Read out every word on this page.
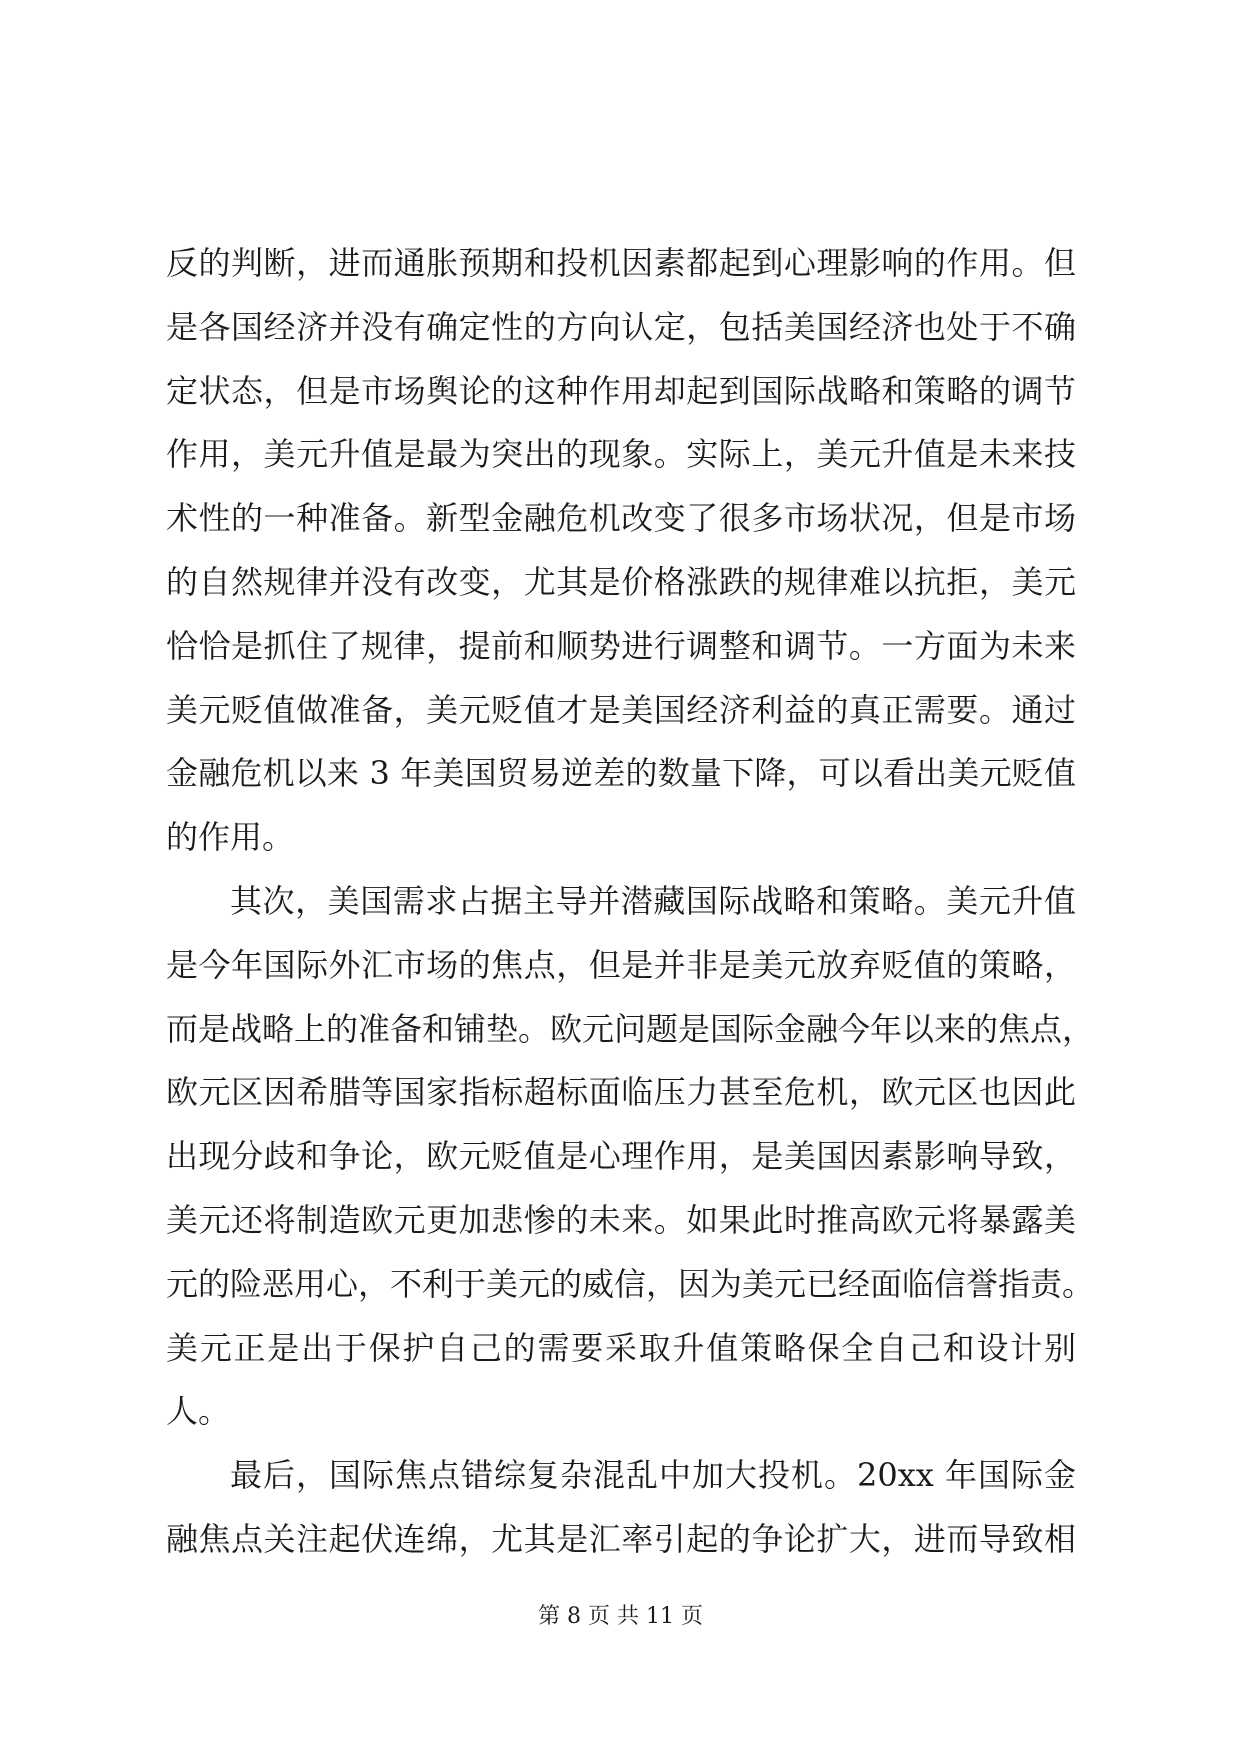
反的判断，进而通胀预期和投机因素都起到心理影响的作用。但
是各国经济并没有确定性的方向认定，包括美国经济也处于不确
定状态，但是市场舆论的这种作用却起到国际战略和策略的调节
作用，美元升值是最为突出的现象。实际上，美元升值是未来技
术性的一种准备。新型金融危机改变了很多市场状况，但是市场
的自然规律并没有改变，尤其是价格涨跌的规律难以抗拒，美元
恰恰是抓住了规律，提前和顺势进行调整和调节。一方面为未来
美元贬值做准备，美元贬值才是美国经济利益的真正需要。通过
金融危机以来 3 年美国贸易逆差的数量下降，可以看出美元贬值
的作用。
其次，美国需求占据主导并潜藏国际战略和策略。美元升值
是今年国际外汇市场的焦点，但是并非是美元放弃贬值的策略，
而是战略上的准备和铺垫。欧元问题是国际金融今年以来的焦点，
欧元区因希腊等国家指标超标面临压力甚至危机，欧元区也因此
出现分歧和争论，欧元贬值是心理作用，是美国因素影响导致，
美元还将制造欧元更加悲惨的未来。如果此时推高欧元将暴露美
元的险恶用心，不利于美元的威信，因为美元已经面临信誉指责。
美元正是出于保护自己的需要采取升值策略保全自己和设计别
人。
最后，国际焦点错综复杂混乱中加大投机。20xx 年国际金
融焦点关注起伏连绵，尤其是汇率引起的争论扩大，进而导致相
第 8 页 共 11 页
